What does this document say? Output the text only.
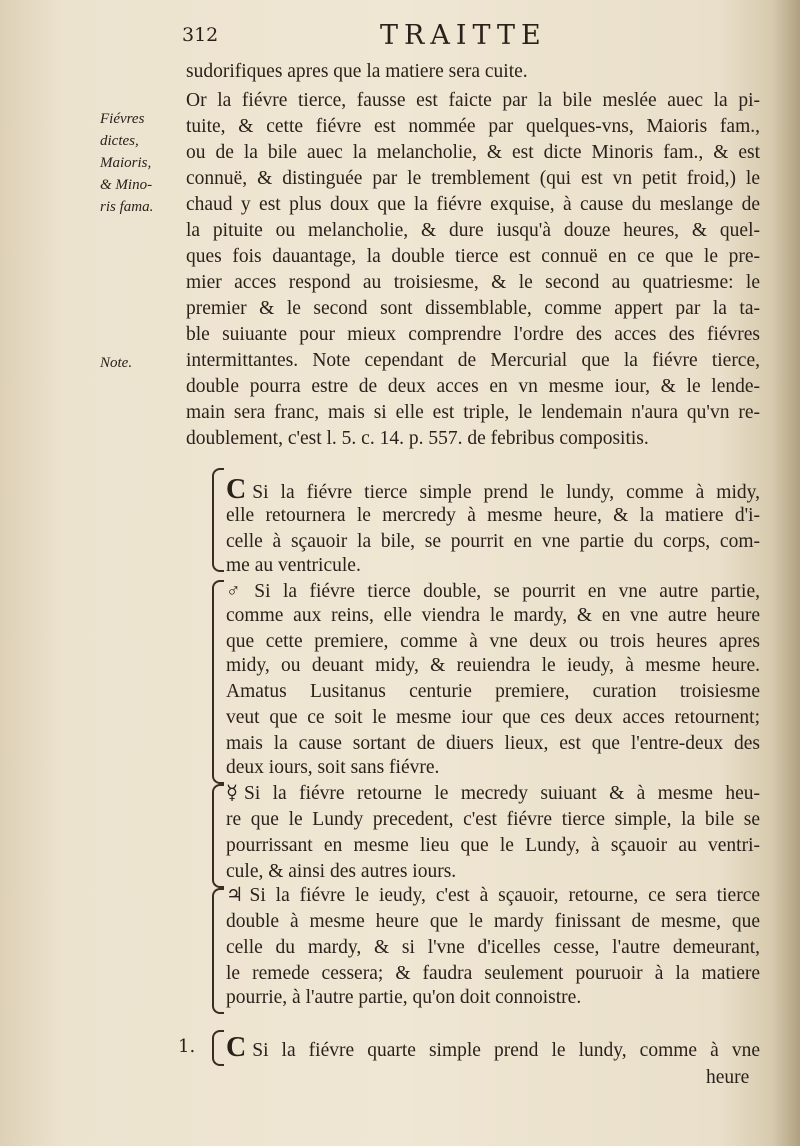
312	TRAITTE
Fiévres
dictes,
Maioris,
& Mino-
ris fama.
Note.
sudorifiques apres que la matiere sera cuite.
Or la fiévre tierce, fausse est faicte par la bile meslée auec la pi-
tuite, & cette fiévre est nommée par quelques-vns, Maioris fam.,
ou de la bile auec la melancholie, & est dicte Minoris fam., & est
connuë, & distinguée par le tremblement (qui est vn petit froid,) le
chaud y est plus doux que la fiévre exquise, à cause du meslange de
la pituite ou melancholie, & dure iusqu'à douze heures, & quel-
ques fois dauantage, la double tierce est connuë en ce que le pre-
mier acces respond au troisiesme, & le second au quatriesme: le
premier & le second sont dissemblable, comme appert par la ta-
ble suiuante pour mieux comprendre l'ordre des acces des fiévres
intermittantes. Note cependant de Mercurial que la fiévre tierce,
double pourra estre de deux acces en vn mesme iour, & le lende-
main sera franc, mais si elle est triple, le lendemain n'aura qu'vn re-
doublement, c'est l. 5. c. 14. p. 557. de febribus compositis.
C Si la fiévre tierce simple prend le lundy, comme à midy,
elle retournera le mercredy à mesme heure, & la matiere d'i-
celle à sçauoir la bile, se pourrit en vne partie du corps, com-
me au ventricule.
♂ Si la fiévre tierce double, se pourrit en vne autre partie,
comme aux reins, elle viendra le mardy, & en vne autre heure
que cette premiere, comme à vne deux ou trois heures apres
midy, ou deuant midy, & reuiendra le ieudy, à mesme heure.
Amatus Lusitanus centurie premiere, curation troisiesme
veut que ce soit le mesme iour que ces deux acces retournent;
mais la cause sortant de diuers lieux, est que l'entre-deux des
deux iours, soit sans fiévre.
☿ Si la fiévre retourne le mecredy suiuant & à mesme heu-
re que le Lundy precedent, c'est fiévre tierce simple, la bile se
pourrissant en mesme lieu que le Lundy, à sçauoir au ventri-
cule, & ainsi des autres iours.
♃ Si la fiévre le ieudy, c'est à sçauoir, retourne, ce sera tierce
double à mesme heure que le mardy finissant de mesme, que
celle du mardy, & si l'vne d'icelles cesse, l'autre demeurant,
le remede cessera; & faudra seulement pouruoir à la matiere
pourrie, à l'autre partie, qu'on doit connoistre.
1. C Si la fiévre quarte simple prend le lundy, comme à vne
heure
